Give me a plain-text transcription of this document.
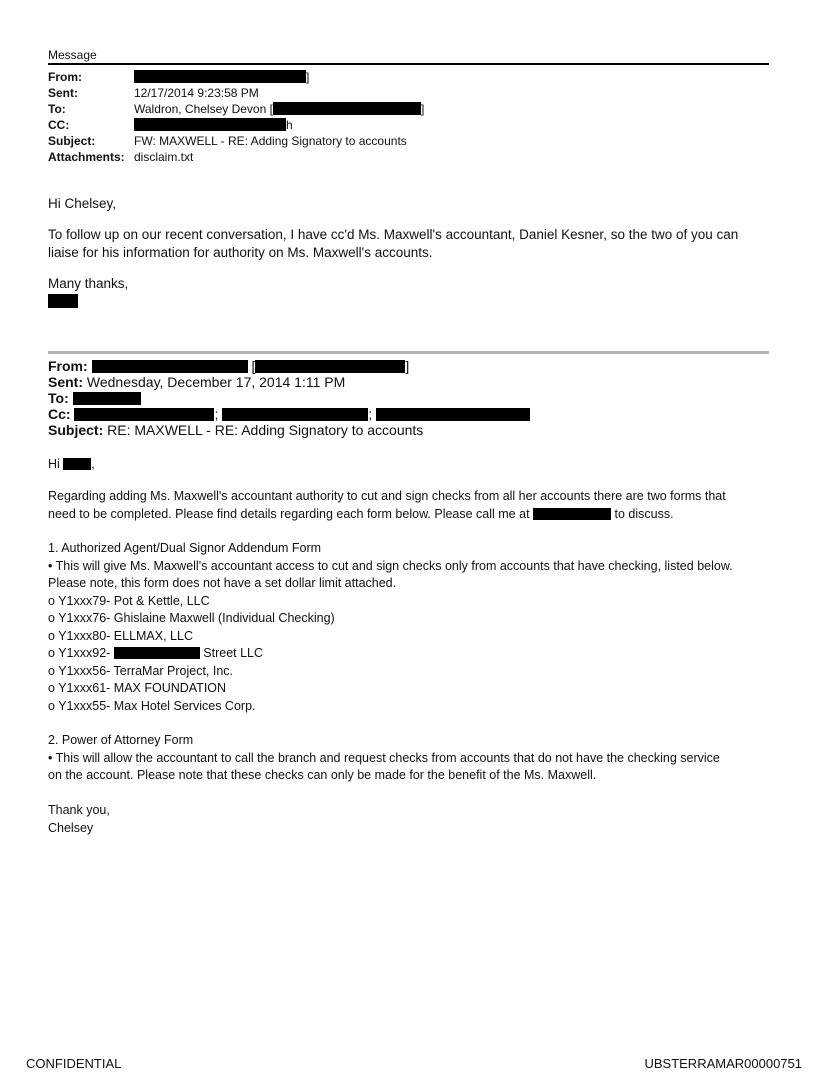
Message
From:	]
Sent:	12/17/2014 9:23:58 PM
To:	Waldron, Chelsey Devon [	]
CC:	h
Subject:	FW: MAXWELL - RE: Adding Signatory to accounts
Attachments: disclaim.txt
Hi Chelsey,
To follow up on our recent conversation, I have cc'd Ms. Maxwell's accountant, Daniel Kesner, so the two of you can
liaise for his information for authority on Ms. Maxwell's accounts.
Many thanks,
From:	[	]
Sent: Wednesday, December 17, 2014 1:11 PM
To:
Cc:	;	;
Subject: RE: MAXWELL - RE: Adding Signatory to accounts
Hi	,
Regarding adding Ms. Maxwell's accountant authority to cut and sign checks from all her accounts there are two forms that
need to be completed. Please find details regarding each form below. Please call me at	to discuss.
1. Authorized Agent/Dual Signor Addendum Form
• This will give Ms. Maxwell's accountant access to cut and sign checks only from accounts that have checking, listed below.
Please note, this form does not have a set dollar limit attached.
o Y1xxx79- Pot & Kettle, LLC
o Y1xxx76- Ghislaine Maxwell (Individual Checking)
o Y1xxx80- ELLMAX, LLC
o Y1xxx92-	Street LLC
o Y1xxx56- TerraMar Project, Inc.
o Y1xxx61- MAX FOUNDATION
o Y1xxx55- Max Hotel Services Corp.
2. Power of Attorney Form
• This will allow the accountant to call the branch and request checks from accounts that do not have the checking service
on the account. Please note that these checks can only be made for the benefit of the Ms. Maxwell.
Thank you,
Chelsey
CONFIDENTIAL	UBSTERRAMAR00000751
